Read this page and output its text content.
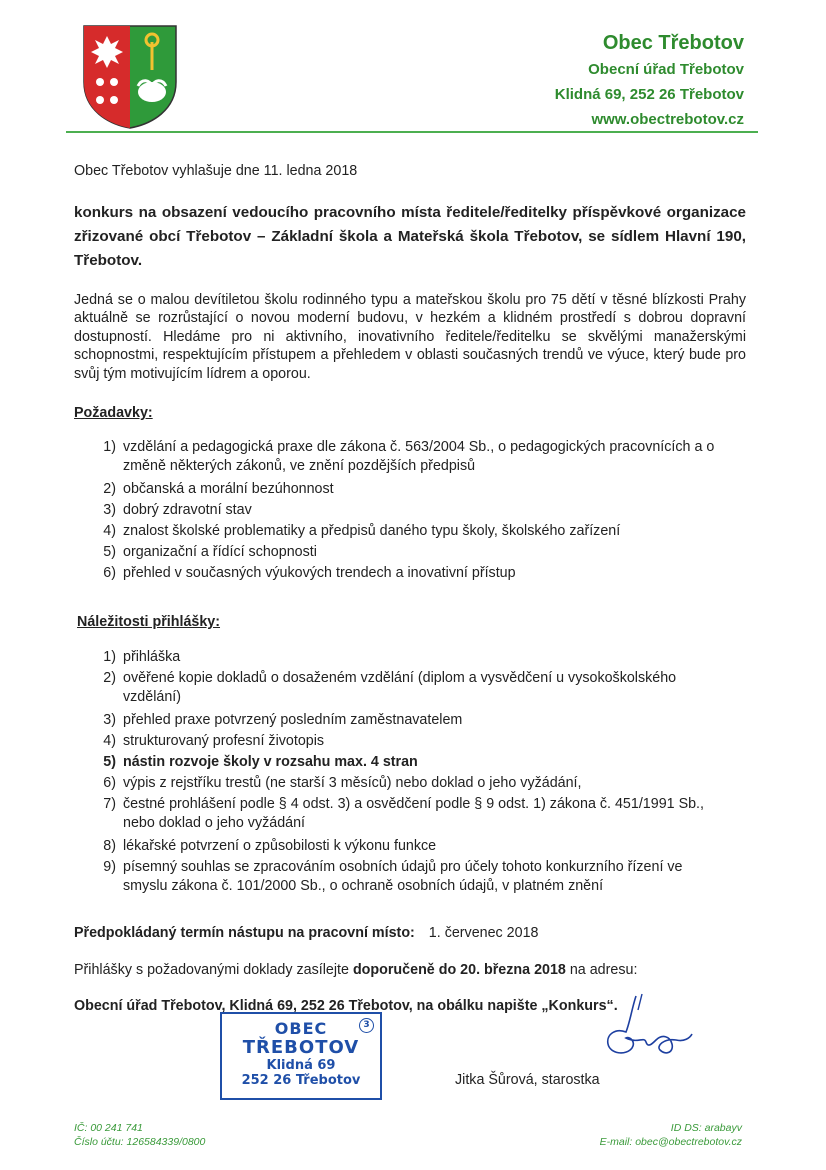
Obec Třebotov
Obecní úřad Třebotov
Klidná 69, 252 26 Třebotov
www.obectrebotov.cz

Obec Třebotov vyhlašuje dne 11. ledna 2018

konkurs na obsazení vedoucího pracovního místa ředitele/ředitelky příspěvkové organizace zřizované obcí Třebotov – Základní škola a Mateřská škola Třebotov, se sídlem Hlavní 190, Třebotov.

Jedná se o malou devítiletou školu rodinného typu a mateřskou školu pro 75 dětí v těsné blízkosti Prahy aktuálně se rozrůstající o novou moderní budovu, v hezkém a klidném prostředí s dobrou dopravní dostupností. Hledáme pro ni aktivního, inovativního ředitele/ředitelku se skvělými manažerskými schopnostmi, respektujícím přístupem a přehledem v oblasti současných trendů ve výuce, který bude pro svůj tým motivujícím lídrem a oporou.

Požadavky:

1) vzdělání a pedagogická praxe dle zákona č. 563/2004 Sb., o pedagogických pracovnících a o
změně některých zákonů, ve znění pozdějších předpisů
2) občanská a morální bezúhonnost
3) dobrý zdravotní stav
4) znalost školské problematiky a předpisů daného typu školy, školského zařízení
5) organizační a řídící schopnosti
6) přehled v současných výukových trendech a inovativní přístup

Náležitosti přihlášky:

1) přihláška
2) ověřené kopie dokladů o dosaženém vzdělání (diplom a vysvědčení u vysokoškolského
vzdělání)
3) přehled praxe potvrzený posledním zaměstnavatelem
4) strukturovaný profesní životopis
5) nástin rozvoje školy v rozsahu max. 4 stran
6) výpis z rejstříku trestů (ne starší 3 měsíců) nebo doklad o jeho vyžádání,
7) čestné prohlášení podle § 4 odst. 3) a osvědčení podle § 9 odst. 1) zákona č. 451/1991 Sb.,
nebo doklad o jeho vyžádání
8) lékařské potvrzení o způsobilosti k výkonu funkce
9) písemný souhlas se zpracováním osobních údajů pro účely tohoto konkurzního řízení ve
smyslu zákona č. 101/2000 Sb., o ochraně osobních údajů, v platném znění

Předpokládaný termín nástupu na pracovní místo: 1. červenec 2018

Přihlášky s požadovanými doklady zasílejte doporučeně do 20. března 2018 na adresu:

Obecní úřad Třebotov, Klidná 69, 252 26 Třebotov, na obálku napište „Konkurs“.

3
OBEC
TŘEBOTOV
Klidná 69
252 26 Třebotov	Jitka Šůrová, starostka

IČ: 00 241 741
Číslo účtu: 126584339/0800
ID DS: arabayv
E-mail: obec@obectrebotov.cz
